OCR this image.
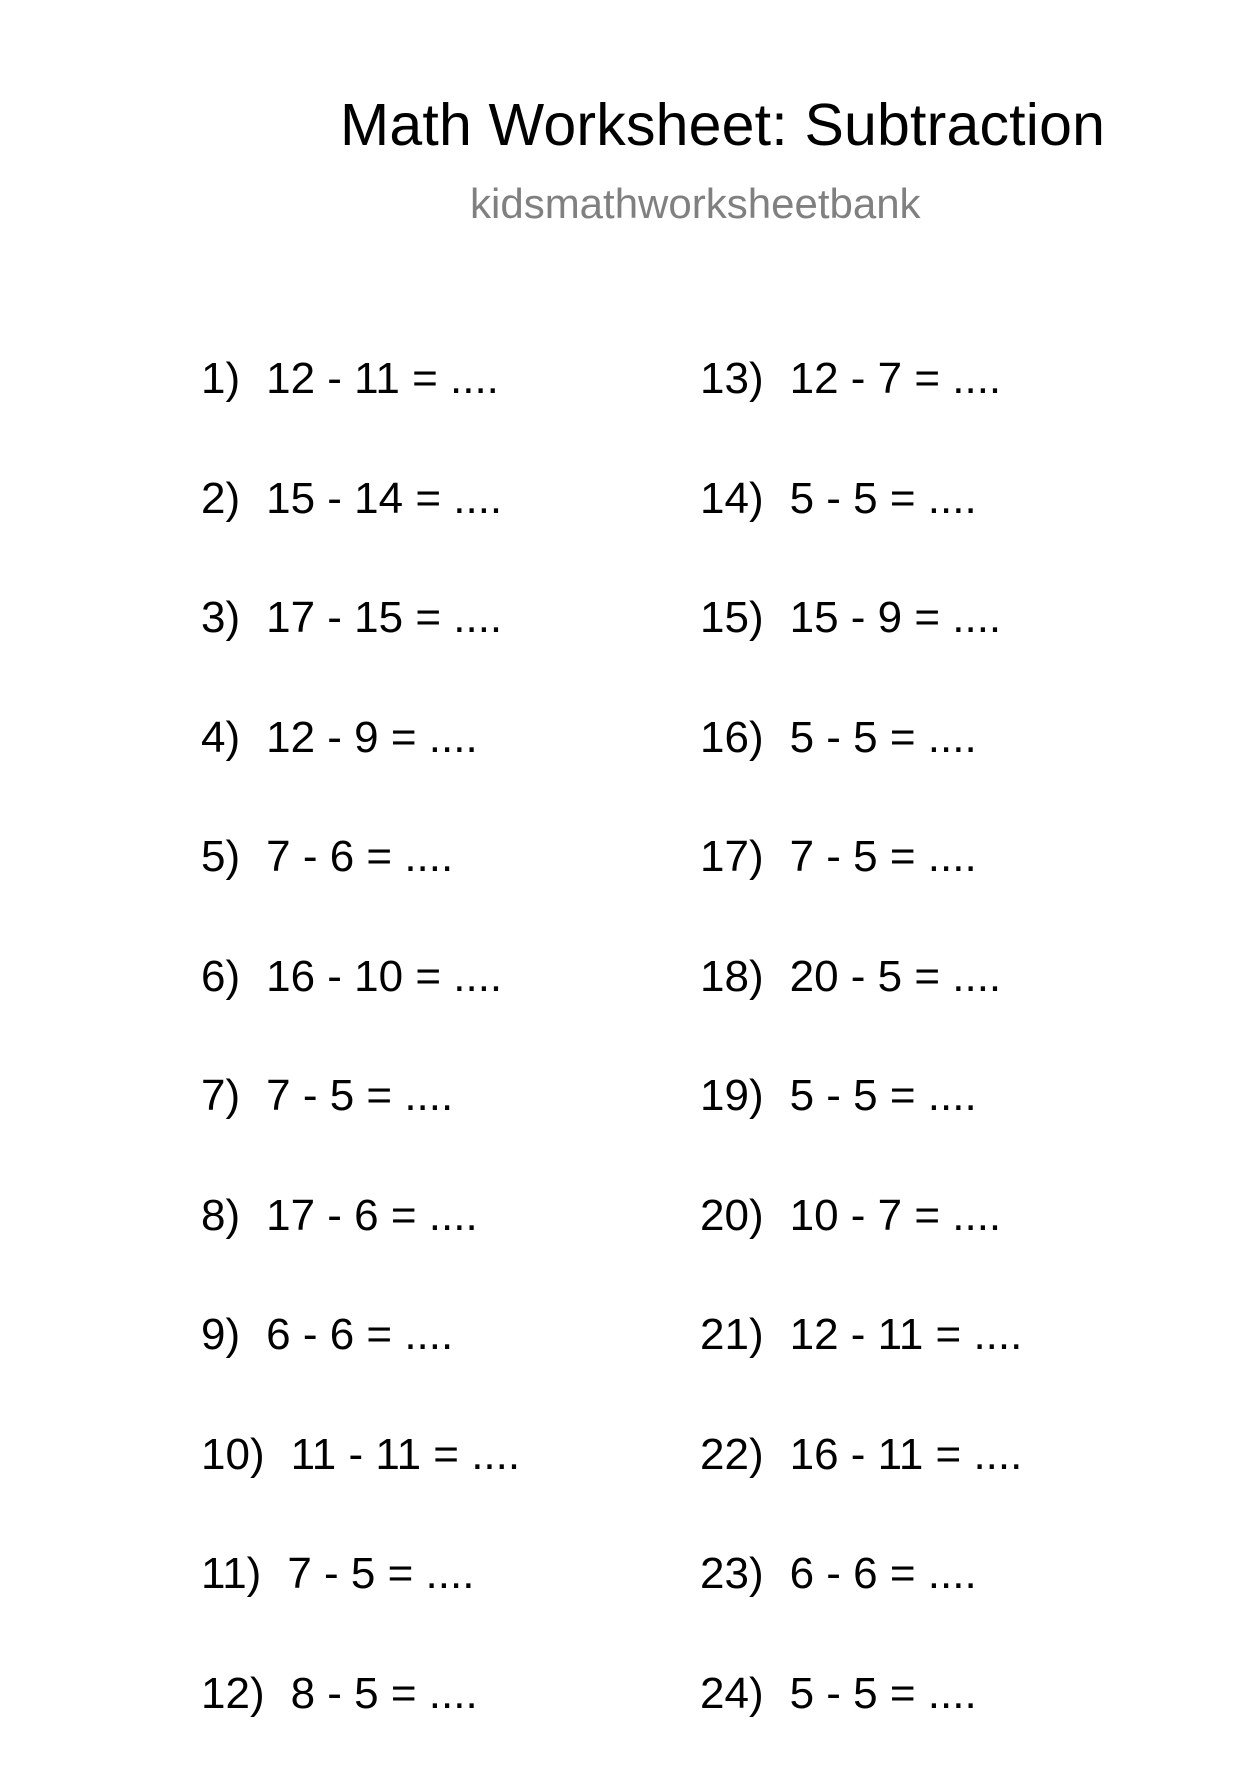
Math Worksheet: Subtraction
kidsmathworksheetbank
1) 12 - 11 = ....
2) 15 - 14 = ....
3) 17 - 15 = ....
4) 12 - 9 = ....
5) 7 - 6 = ....
6) 16 - 10 = ....
7) 7 - 5 = ....
8) 17 - 6 = ....
9) 6 - 6 = ....
10) 11 - 11 = ....
11) 7 - 5 = ....
12) 8 - 5 = ....
13) 12 - 7 = ....
14) 5 - 5 = ....
15) 15 - 9 = ....
16) 5 - 5 = ....
17) 7 - 5 = ....
18) 20 - 5 = ....
19) 5 - 5 = ....
20) 10 - 7 = ....
21) 12 - 11 = ....
22) 16 - 11 = ....
23) 6 - 6 = ....
24) 5 - 5 = ....
